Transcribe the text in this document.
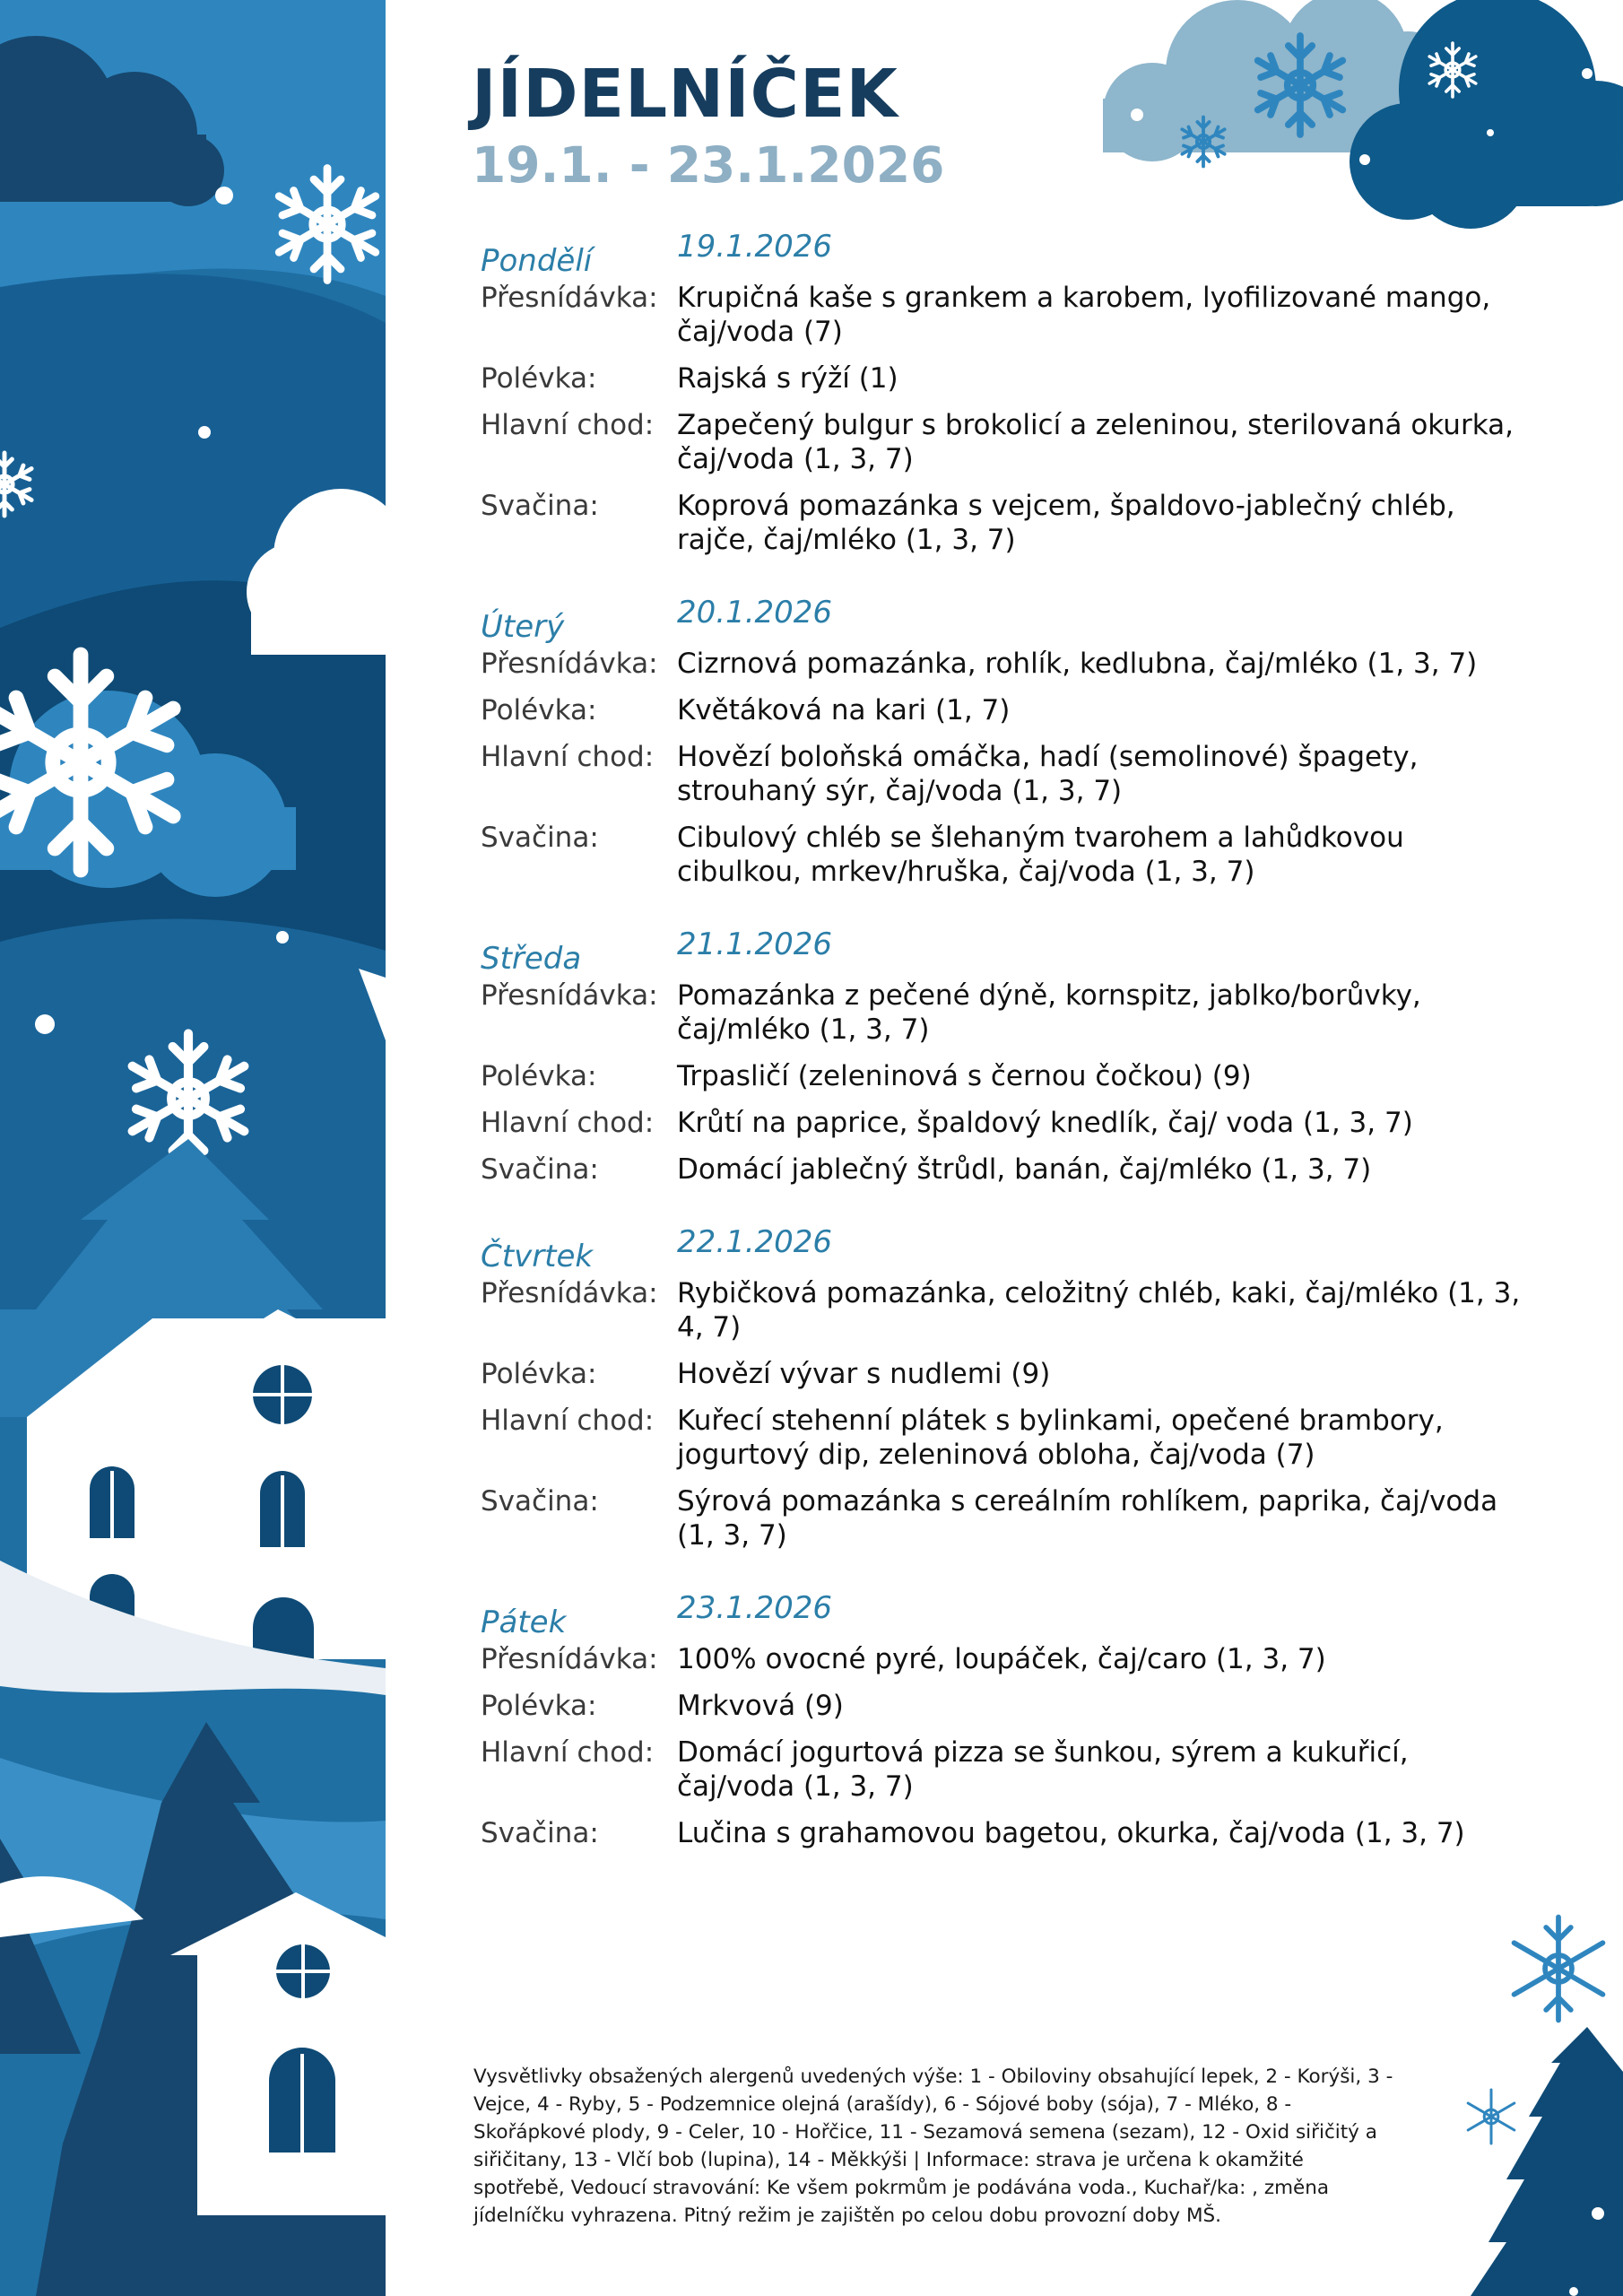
JÍDELNÍČEK
19.1. - 23.1.2026
Pondělí	19.1.2026
Přesnídávka: Krupičná kaše s grankem a karobem, lyofilizované mango, čaj/voda (7)
Polévka:	Rajská s rýží (1)
Hlavní chod: Zapečený bulgur s brokolicí a zeleninou, sterilovaná okurka, čaj/voda (1, 3, 7)
Svačina:	Koprová pomazánka s vejcem, špaldovo-jablečný chléb, rajče, čaj/mléko (1, 3, 7)
Úterý	20.1.2026
Přesnídávka: Cizrnová pomazánka, rohlík, kedlubna, čaj/mléko (1, 3, 7)
Polévka:	Květáková na kari (1, 7)
Hlavní chod: Hovězí boloňská omáčka, hadí (semolinové) špagety, strouhaný sýr, čaj/voda (1, 3, 7)
Svačina:	Cibulový chléb se šlehaným tvarohem a lahůdkovou cibulkou, mrkev/hruška, čaj/voda (1, 3, 7)
Středa	21.1.2026
Přesnídávka: Pomazánka z pečené dýně, kornspitz, jablko/borůvky, čaj/mléko (1, 3, 7)
Polévka:	Trpasličí (zeleninová s černou čočkou) (9)
Hlavní chod: Krůtí na paprice, špaldový knedlík, čaj/ voda (1, 3, 7)
Svačina:	Domácí jablečný štrůdl, banán, čaj/mléko (1, 3, 7)
Čtvrtek	22.1.2026
Přesnídávka: Rybičková pomazánka, celožitný chléb, kaki, čaj/mléko (1, 3, 4, 7)
Polévka:	Hovězí vývar s nudlemi (9)
Hlavní chod: Kuřecí stehenní plátek s bylinkami, opečené brambory, jogurtový dip, zeleninová obloha, čaj/voda (7)
Svačina:	Sýrová pomazánka s cereálním rohlíkem, paprika, čaj/voda (1, 3, 7)
Pátek	23.1.2026
Přesnídávka: 100% ovocné pyré, loupáček, čaj/caro (1, 3, 7)
Polévka:	Mrkvová (9)
Hlavní chod: Domácí jogurtová pizza se šunkou, sýrem a kukuřicí, čaj/voda (1, 3, 7)
Svačina:	Lučina s grahamovou bagetou, okurka, čaj/voda (1, 3, 7)
Vysvětlivky obsažených alergenů uvedených výše: 1 - Obiloviny obsahující lepek, 2 - Korýši, 3 - Vejce, 4 - Ryby, 5 - Podzemnice olejná (arašídy), 6 - Sójové boby (sója), 7 - Mléko, 8 - Skořápkové plody, 9 - Celer, 10 - Hořčice, 11 - Sezamová semena (sezam), 12 - Oxid siřičitý a siřičitany, 13 - Vlčí bob (lupina), 14 - Měkkýši | Informace: strava je určena k okamžité spotřebě, Vedoucí stravování: Ke všem pokrmům je podávána voda., Kuchař/ka: , změna jídelníčku vyhrazena. Pitný režim je zajištěn po celou dobu provozní doby MŠ.
